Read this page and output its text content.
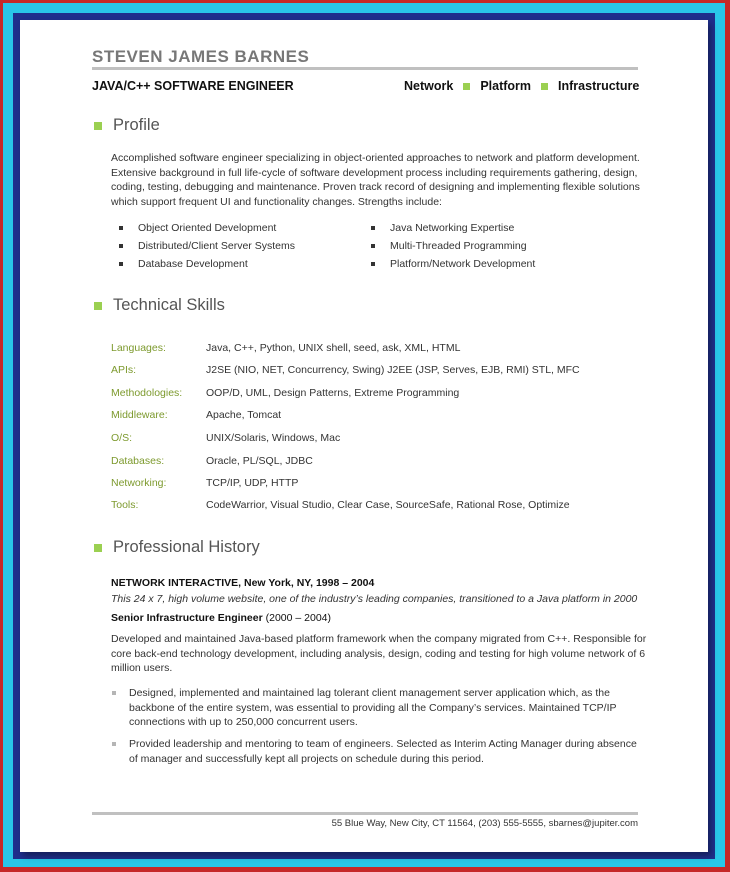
STEVEN JAMES BARNES
JAVA/C++ SOFTWARE ENGINEER	Network Platform Infrastructure
Profile
Accomplished software engineer specializing in object-oriented approaches to network and platform development.
Extensive background in full life-cycle of software development process including requirements gathering, design,
coding, testing, debugging and maintenance. Proven track record of designing and implementing flexible solutions
which support frequent UI and functionality changes. Strengths include:
Object Oriented Development
Distributed/Client Server Systems
Database Development
Java Networking Expertise
Multi-Threaded Programming
Platform/Network Development
Technical Skills
Languages:	Java, C++, Python, UNIX shell, seed, ask, XML, HTML
APIs:	J2SE (NIO, NET, Concurrency, Swing) J2EE (JSP, Serves, EJB, RMI) STL, MFC
Methodologies:	OOP/D, UML, Design Patterns, Extreme Programming
Middleware:	Apache, Tomcat
O/S:	UNIX/Solaris, Windows, Mac
Databases:	Oracle, PL/SQL, JDBC
Networking:	TCP/IP, UDP, HTTP
Tools:	CodeWarrior, Visual Studio, Clear Case, SourceSafe, Rational Rose, Optimize
Professional History
NETWORK INTERACTIVE, New York, NY, 1998 – 2004
This 24 x 7, high volume website, one of the industry’s leading companies, transitioned to a Java platform in 2000
Senior Infrastructure Engineer (2000 – 2004)
Developed and maintained Java-based platform framework when the company migrated from C++. Responsible for
core back-end technology development, including analysis, design, coding and testing for high volume network of 6
million users.
Designed, implemented and maintained lag tolerant client management server application which, as the
backbone of the entire system, was essential to providing all the Company’s services. Maintained TCP/IP
connections with up to 250,000 concurrent users.
Provided leadership and mentoring to team of engineers. Selected as Interim Acting Manager during absence
of manager and successfully kept all projects on schedule during this period.
55 Blue Way, New City, CT 11564, (203) 555-5555, sbarnes@jupiter.com
